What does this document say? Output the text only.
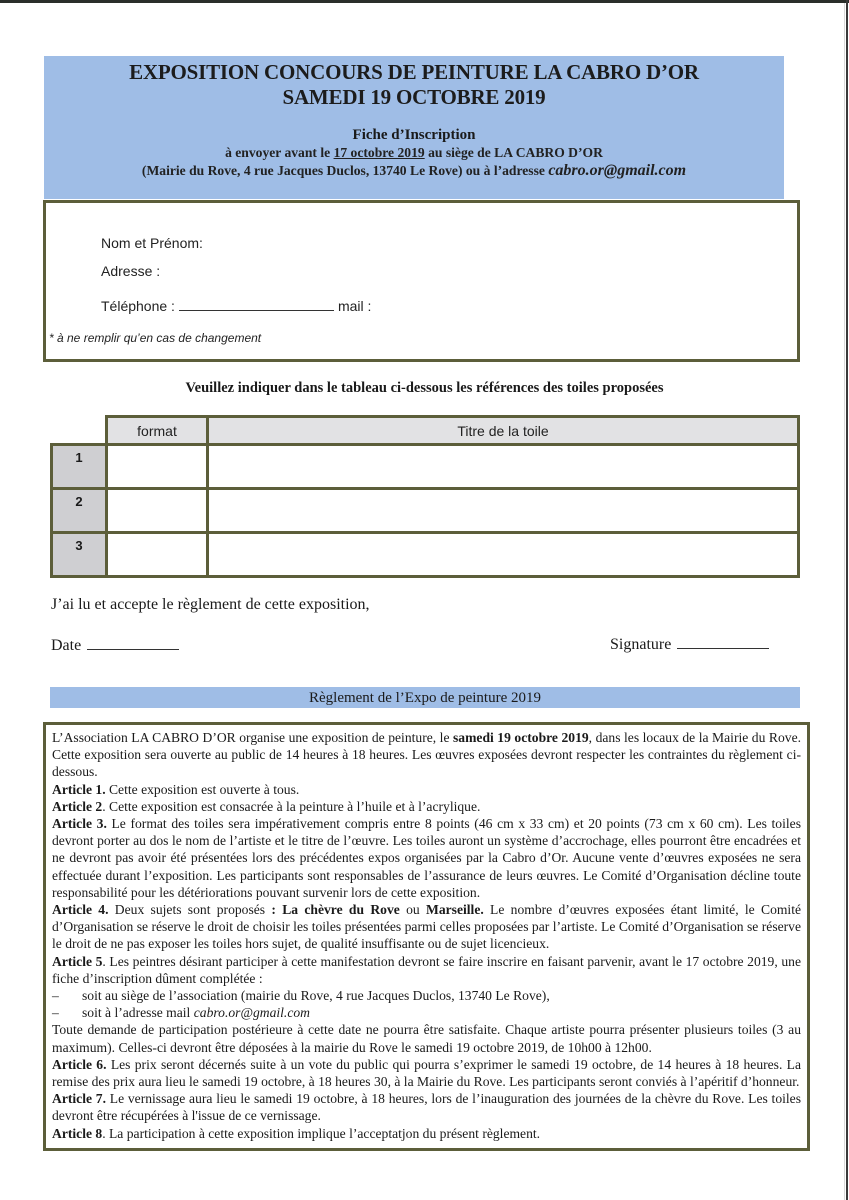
EXPOSITION CONCOURS DE PEINTURE LA CABRO D’OR
SAMEDI 19 OCTOBRE 2019
Fiche d’Inscription
à envoyer avant le 17 octobre 2019 au siège de LA CABRO D’OR
(Mairie du Rove, 4 rue Jacques Duclos, 13740 Le Rove) ou à l’adresse cabro.or@gmail.com
Nom et Prénom:
Adresse :
Téléphone :	mail :
* à ne remplir qu’en cas de changement
Veuillez indiquer dans le tableau ci-dessous les références des toiles proposées
format	Titre de la toile
1
2
3
J’ai lu et accepte le règlement de cette exposition,
Date	Signature
Règlement de l’Expo de peinture 2019

L’Association LA CABRO D’OR organise une exposition de peinture, le samedi 19 octobre 2019, dans les locaux de la Mairie du Rove. Cette exposition sera ouverte au public de 14 heures à 18 heures. Les œuvres exposées devront respecter les contraintes du règlement ci-dessous.

Article 1. Cette exposition est ouverte à tous.

Article 2. Cette exposition est consacrée à la peinture à l’huile et à l’acrylique.

Article 3. Le format des toiles sera impérativement compris entre 8 points (46 cm x 33 cm) et 20 points (73 cm x 60 cm). Les toiles devront porter au dos le nom de l’artiste et le titre de l’œuvre. Les toiles auront un système d’accrochage, elles pourront être encadrées et ne devront pas avoir été présentées lors des précédentes expos organisées par la Cabro d’Or. Aucune vente d’œuvres exposées ne sera effectuée durant l’exposition. Les participants sont responsables de l’assurance de leurs œuvres. Le Comité d’Organisation décline toute responsabilité pour les détériorations pouvant survenir lors de cette exposition.

Article 4. Deux sujets sont proposés : La chèvre du Rove ou Marseille. Le nombre d’œuvres exposées étant limité, le Comité d’Organisation se réserve le droit de choisir les toiles présentées parmi celles proposées par l’artiste. Le Comité d’Organisation se réserve le droit de ne pas exposer les toiles hors sujet, de qualité insuffisante ou de sujet licencieux.

Article 5. Les peintres désirant participer à cette manifestation devront se faire inscrire en faisant parvenir, avant le 17 octobre 2019, une fiche d’inscription dûment complétée :

– soit au siège de l’association (mairie du Rove, 4 rue Jacques Duclos, 13740 Le Rove),

– soit à l’adresse mail cabro.or@gmail.com

Toute demande de participation postérieure à cette date ne pourra être satisfaite. Chaque artiste pourra présenter plusieurs toiles (3 au maximum). Celles-ci devront être déposées à la mairie du Rove le samedi 19 octobre 2019, de 10h00 à 12h00.

Article 6. Les prix seront décernés suite à un vote du public qui pourra s’exprimer le samedi 19 octobre, de 14 heures à 18 heures. La remise des prix aura lieu le samedi 19 octobre, à 18 heures 30, à la Mairie du Rove. Les participants seront conviés à l’apéritif d’honneur.

Article 7. Le vernissage aura lieu le samedi 19 octobre, à 18 heures, lors de l’inauguration des journées de la chèvre du Rove. Les toiles devront être récupérées à l'issue de ce vernissage.

Article 8. La participation à cette exposition implique l’acceptatjon du présent règlement.
